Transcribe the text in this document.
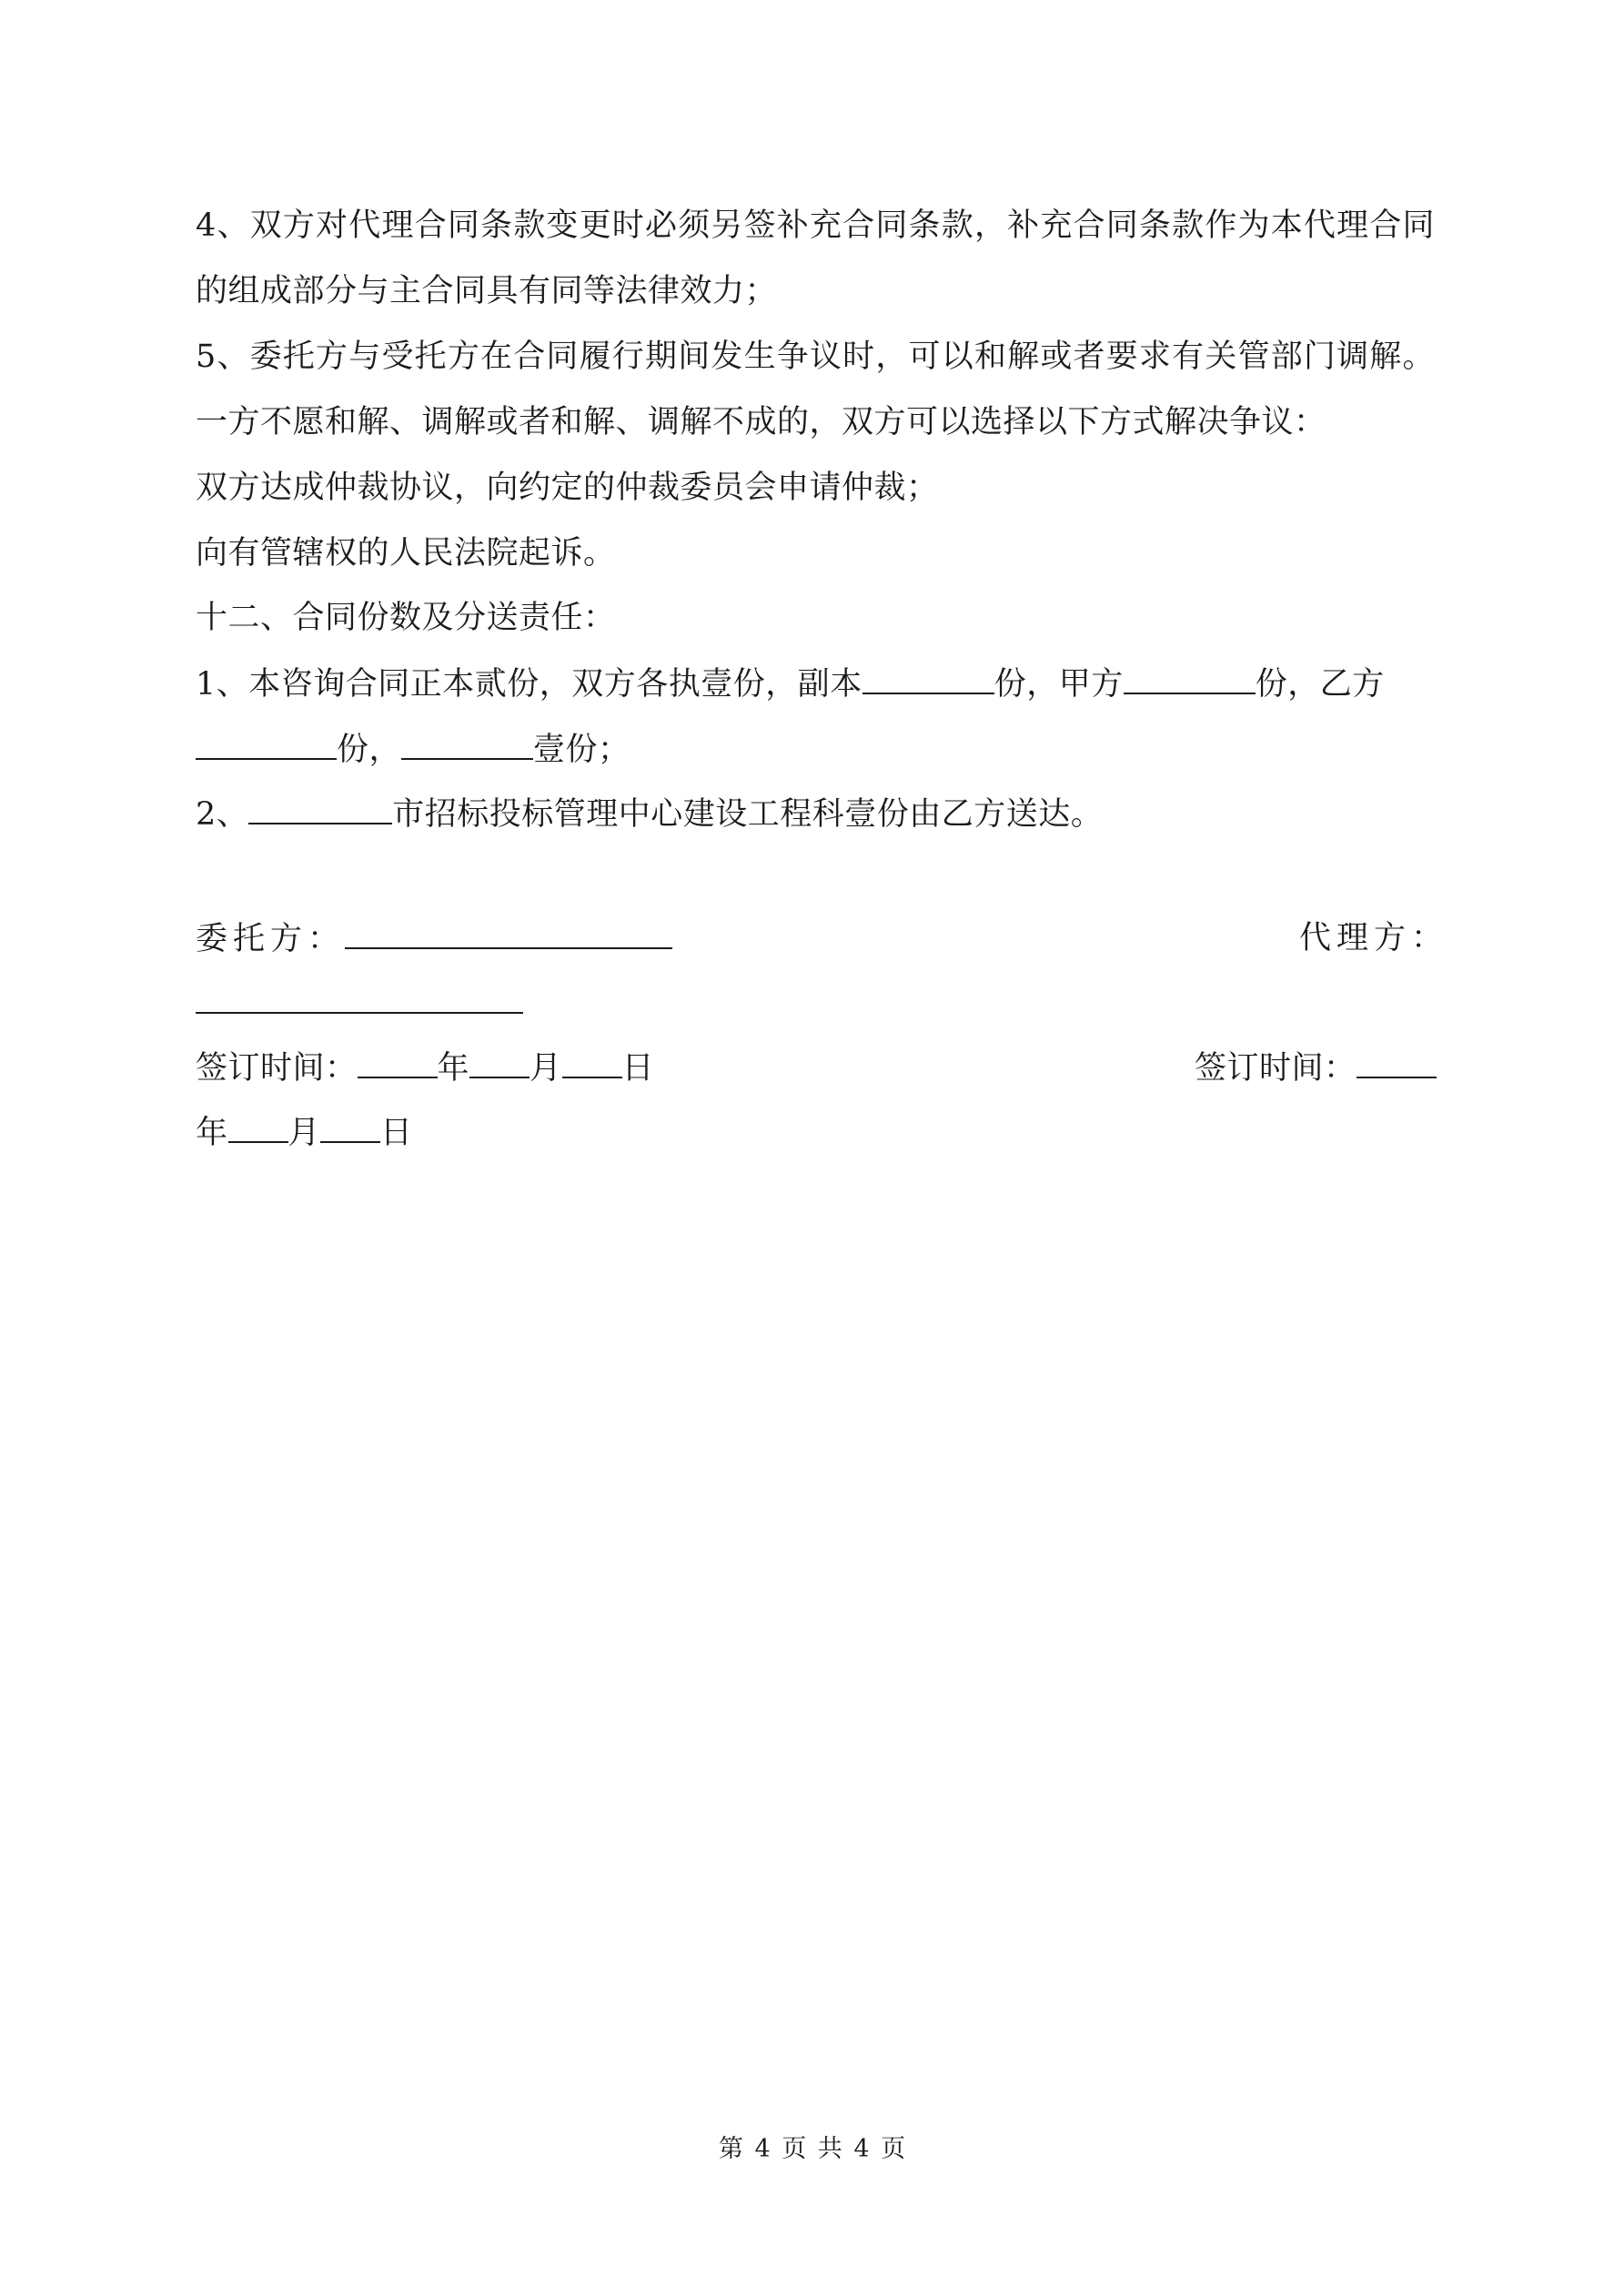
4、双方对代理合同条款变更时必须另签补充合同条款，补充合同条款作为本代理合同
的组成部分与主合同具有同等法律效力；
5、委托方与受托方在合同履行期间发生争议时，可以和解或者要求有关管部门调解。
一方不愿和解、调解或者和解、调解不成的，双方可以选择以下方式解决争议：
双方达成仲裁协议，向约定的仲裁委员会申请仲裁；
向有管辖权的人民法院起诉。
十二、合同份数及分送责任：
1、本咨询合同正本贰份，双方各执壹份，副本	份，甲方	份，乙方
份，	壹份；
2、	市招标投标管理中心建设工程科壹份由乙方送达。
委托方：	代理方：
签订时间：	年 月 日	签订时间：
年 月 日
第 4 页 共 4 页
